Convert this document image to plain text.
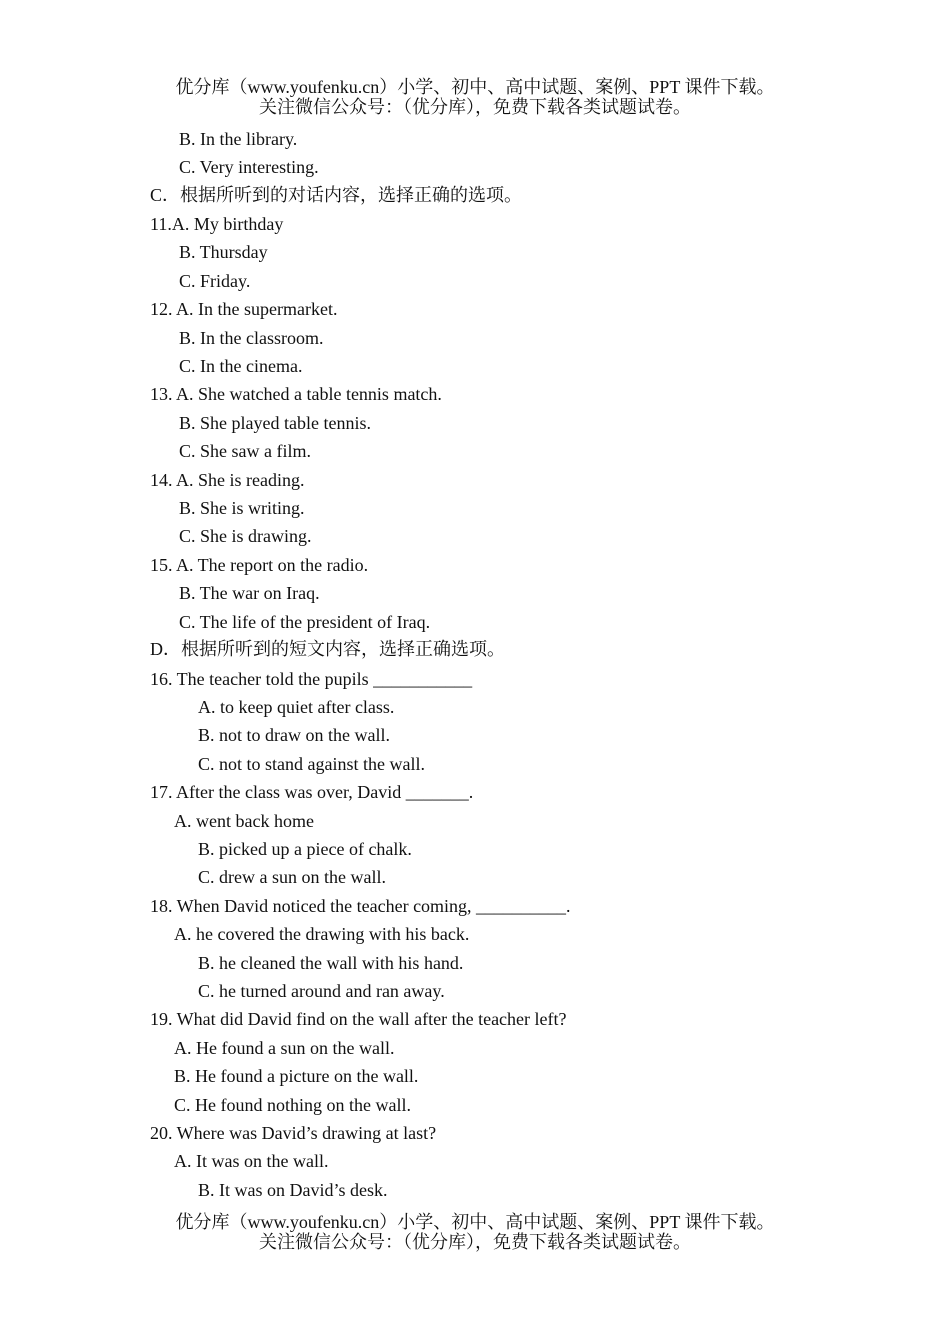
优分库（www.youfenku.cn）小学、初中、高中试题、案例、PPT 课件下载。
关注微信公众号：（优分库），免费下载各类试题试卷。
B. In the library.
C. Very interesting.
C．根据所听到的对话内容，选择正确的选项。
11.A. My birthday
B. Thursday
C. Friday.
12. A. In the supermarket.
B. In the classroom.
C. In the cinema.
13. A. She watched a table tennis match.
B. She played table tennis.
C. She saw a film.
14. A. She is reading.
B. She is writing.
C. She is drawing.
15. A. The report on the radio.
B. The war on Iraq.
C. The life of the president of Iraq.
D．根据所听到的短文内容，选择正确选项。
16. The teacher told the pupils ___________
A. to keep quiet after class.
B. not to draw on the wall.
C. not to stand against the wall.
17. After the class was over, David _______.
A. went back home
B. picked up a piece of chalk.
C. drew a sun on the wall.
18. When David noticed the teacher coming, __________.
A. he covered the drawing with his back.
B. he cleaned the wall with his hand.
C. he turned around and ran away.
19. What did David find on the wall after the teacher left?
A. He found a sun on the wall.
B. He found a picture on the wall.
C. He found nothing on the wall.
20. Where was David’s drawing at last?
A. It was on the wall.
B. It was on David’s desk.
优分库（www.youfenku.cn）小学、初中、高中试题、案例、PPT 课件下载。
关注微信公众号：（优分库），免费下载各类试题试卷。
